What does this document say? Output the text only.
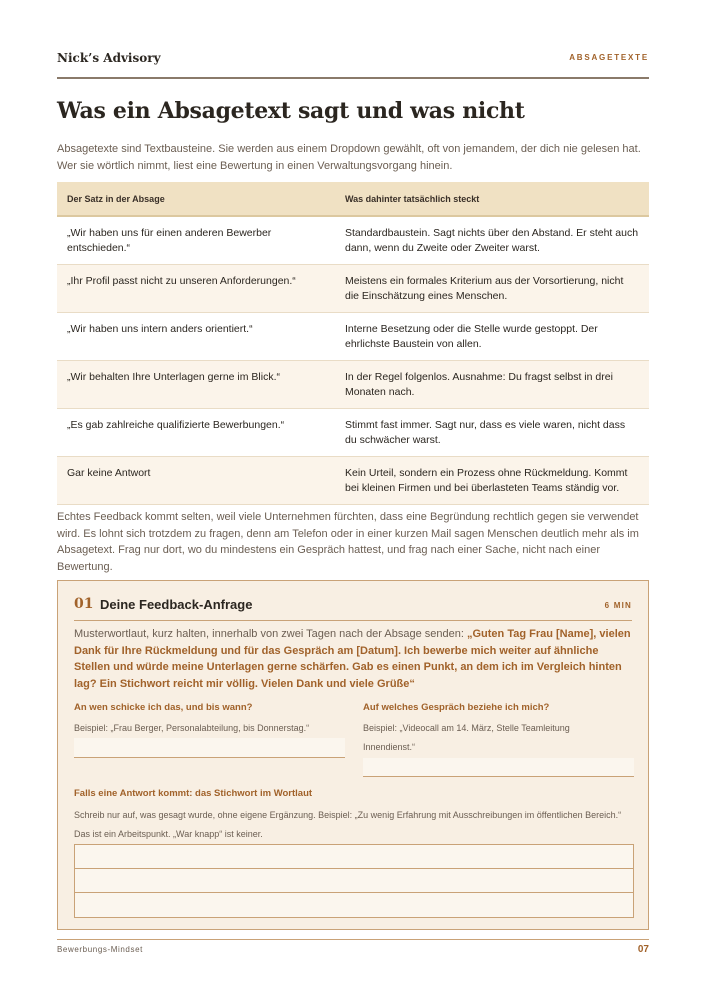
Nick’s Advisory	ABSAGETEXTE
Was ein Absagetext sagt und was nicht

Absagetexte sind Textbausteine. Sie werden aus einem Dropdown gewählt, oft von jemandem, der dich nie gelesen hat. Wer sie wörtlich nimmt, liest eine Bewertung in einen Verwaltungsvorgang hinein.

Der Satz in der Absage	Was dahinter tatsächlich steckt
„Wir haben uns für einen anderen Bewerber entschieden.“	Standardbaustein. Sagt nichts über den Abstand. Er steht auch dann, wenn du Zweite oder Zweiter warst.
„Ihr Profil passt nicht zu unseren Anforderungen.“	Meistens ein formales Kriterium aus der Vorsortierung, nicht die Einschätzung eines Menschen.
„Wir haben uns intern anders orientiert.“	Interne Besetzung oder die Stelle wurde gestoppt. Der ehrlichste Baustein von allen.
„Wir behalten Ihre Unterlagen gerne im Blick.“	In der Regel folgenlos. Ausnahme: Du fragst selbst in drei Monaten nach.
„Es gab zahlreiche qualifizierte Bewerbungen.“	Stimmt fast immer. Sagt nur, dass es viele waren, nicht dass du schwächer warst.
Gar keine Antwort	Kein Urteil, sondern ein Prozess ohne Rückmeldung. Kommt bei kleinen Firmen und bei überlasteten Teams ständig vor.

Echtes Feedback kommt selten, weil viele Unternehmen fürchten, dass eine Begründung rechtlich gegen sie verwendet wird. Es lohnt sich trotzdem zu fragen, denn am Telefon oder in einer kurzen Mail sagen Menschen deutlich mehr als im Absagetext. Frag nur dort, wo du mindestens ein Gespräch hattest, und frag nach einer Sache, nicht nach einer Bewertung.

01 Deine Feedback-Anfrage	6 MIN

Musterwortlaut, kurz halten, innerhalb von zwei Tagen nach der Absage senden: „Guten Tag Frau [Name], vielen Dank für Ihre Rückmeldung und für das Gespräch am [Datum]. Ich bewerbe mich weiter auf ähnliche Stellen und würde meine Unterlagen gerne schärfen. Gab es einen Punkt, an dem ich im Vergleich hinten lag? Ein Stichwort reicht mir völlig. Vielen Dank und viele Grüße“

An wen schicke ich das, und bis wann?
Beispiel: „Frau Berger, Personalabteilung, bis Donnerstag.“
Auf welches Gespräch beziehe ich mich?
Beispiel: „Videocall am 14. März, Stelle Teamleitung Innendienst.“
Falls eine Antwort kommt: das Stichwort im Wortlaut
Schreib nur auf, was gesagt wurde, ohne eigene Ergänzung. Beispiel: „Zu wenig Erfahrung mit Ausschreibungen im öffentlichen Bereich.“ Das ist ein Arbeitspunkt. „War knapp“ ist keiner.
Bewerbungs-Mindset	07
